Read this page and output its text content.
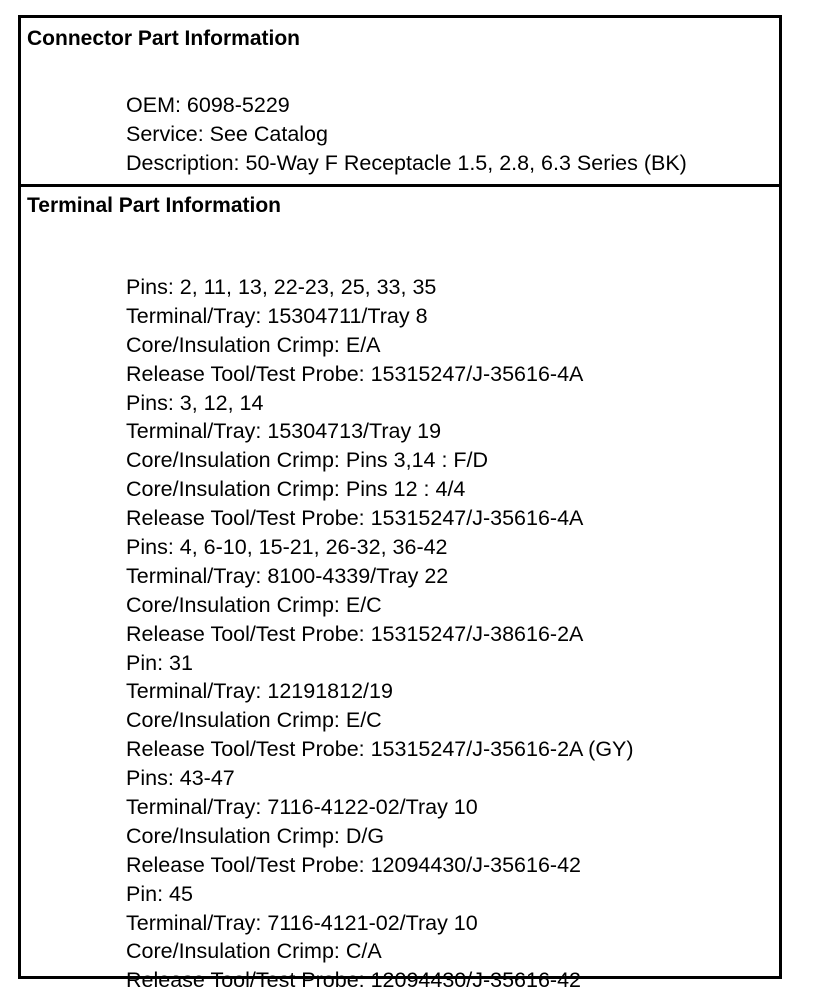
Connector Part Information
OEM: 6098-5229
Service: See Catalog
Description: 50-Way F Receptacle 1.5, 2.8, 6.3 Series (BK)
Terminal Part Information
Pins: 2, 11, 13, 22-23, 25, 33, 35
Terminal/Tray: 15304711/Tray 8
Core/Insulation Crimp: E/A
Release Tool/Test Probe: 15315247/J-35616-4A
Pins: 3, 12, 14
Terminal/Tray: 15304713/Tray 19
Core/Insulation Crimp: Pins 3,14 : F/D
Core/Insulation Crimp: Pins 12 : 4/4
Release Tool/Test Probe: 15315247/J-35616-4A
Pins: 4, 6-10, 15-21, 26-32, 36-42
Terminal/Tray: 8100-4339/Tray 22
Core/Insulation Crimp: E/C
Release Tool/Test Probe: 15315247/J-38616-2A
Pin: 31
Terminal/Tray: 12191812/19
Core/Insulation Crimp: E/C
Release Tool/Test Probe: 15315247/J-35616-2A (GY)
Pins: 43-47
Terminal/Tray: 7116-4122-02/Tray 10
Core/Insulation Crimp: D/G
Release Tool/Test Probe: 12094430/J-35616-42
Pin: 45
Terminal/Tray: 7116-4121-02/Tray 10
Core/Insulation Crimp: C/A
Release Tool/Test Probe: 12094430/J-35616-42
